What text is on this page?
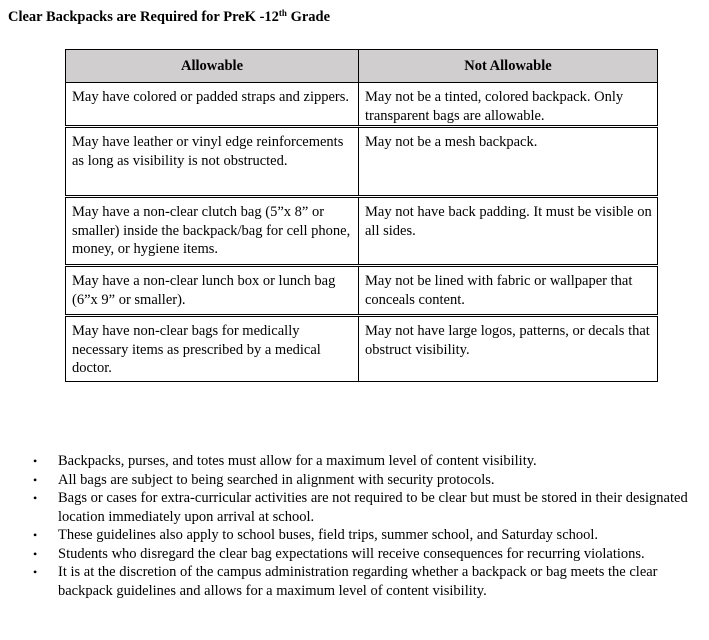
Clear Backpacks are Required for PreK -12th Grade
Allowable	Not Allowable
May have colored or padded straps and zippers.	May not be a tinted, colored backpack. Only transparent bags are allowable.
May have leather or vinyl edge reinforcements as long as visibility is not obstructed.	May not be a mesh backpack.
May have a non-clear clutch bag (5”x 8” or smaller) inside the backpack/bag for cell phone, money, or hygiene items.	May not have back padding. It must be visible on all sides.
May have a non-clear lunch box or lunch bag (6”x 9” or smaller).	May not be lined with fabric or wallpaper that conceals content.
May have non-clear bags for medically necessary items as prescribed by a medical doctor.	May not have large logos, patterns, or decals that obstruct visibility.
• Backpacks, purses, and totes must allow for a maximum level of content visibility.
• All bags are subject to being searched in alignment with security protocols.
• Bags or cases for extra-curricular activities are not required to be clear but must be stored in their designated location immediately upon arrival at school.
• These guidelines also apply to school buses, field trips, summer school, and Saturday school.
• Students who disregard the clear bag expectations will receive consequences for recurring violations.
• It is at the discretion of the campus administration regarding whether a backpack or bag meets the clear backpack guidelines and allows for a maximum level of content visibility.
